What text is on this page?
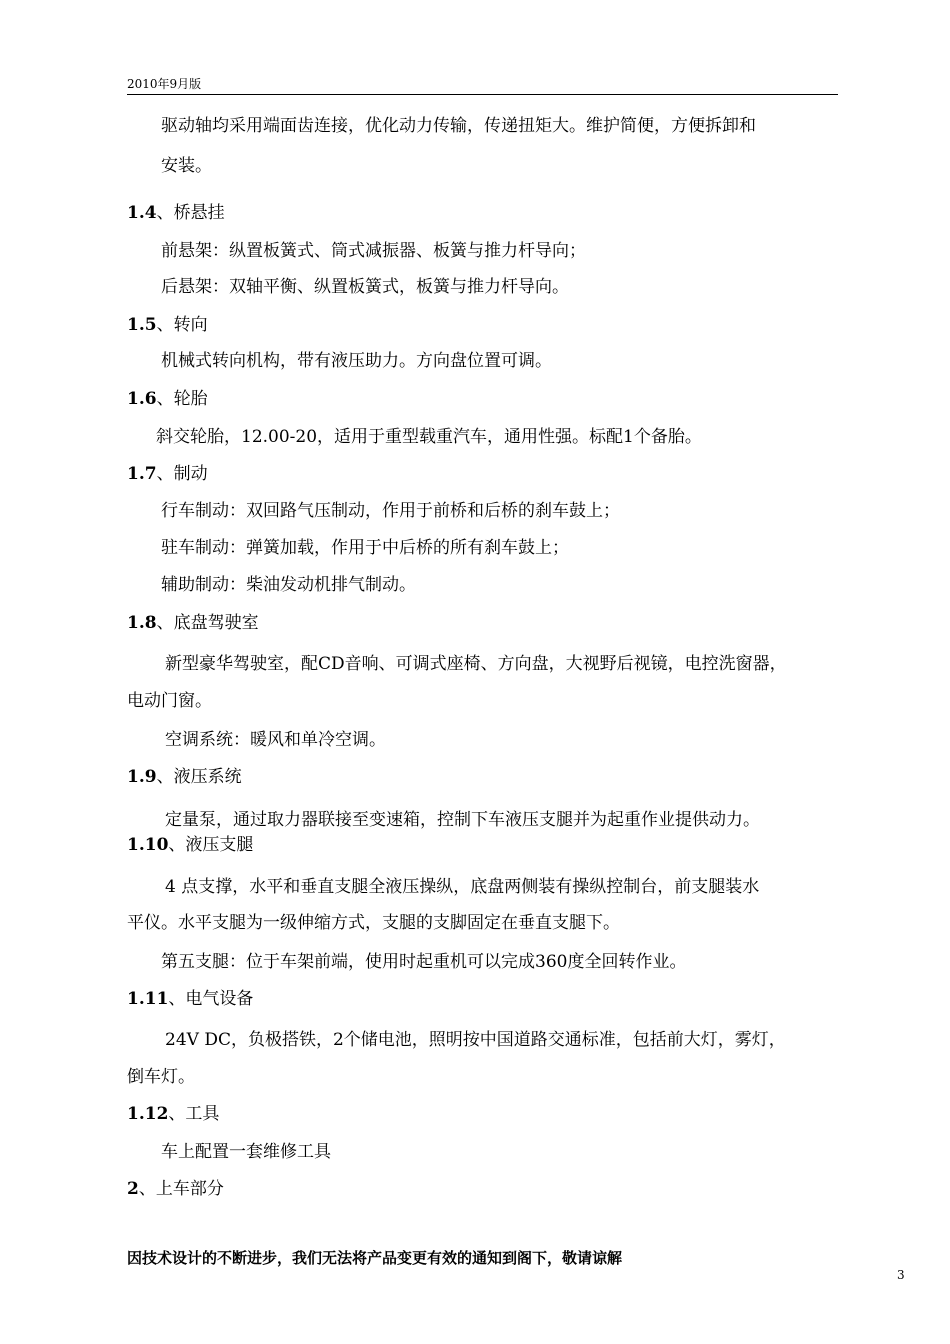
2010年9月版
驱动轴均采用端面齿连接，优化动力传输，传递扭矩大。维护简便，方便拆卸和
安装。
1.4、桥悬挂
前悬架：纵置板簧式、筒式减振器、板簧与推力杆导向；
后悬架：双轴平衡、纵置板簧式，板簧与推力杆导向。
1.5、转向
机械式转向机构，带有液压助力。方向盘位置可调。
1.6、轮胎
斜交轮胎，12.00-20，适用于重型载重汽车，通用性强。标配1个备胎。
1.7、制动
行车制动：双回路气压制动，作用于前桥和后桥的刹车鼓上；
驻车制动：弹簧加载，作用于中后桥的所有刹车鼓上；
辅助制动：柴油发动机排气制动。
1.8、底盘驾驶室
新型豪华驾驶室，配CD音响、可调式座椅、方向盘，大视野后视镜，电控洗窗器，
电动门窗。
空调系统：暖风和单冷空调。
1.9、液压系统
定量泵，通过取力器联接至变速箱，控制下车液压支腿并为起重作业提供动力。
1.10、液压支腿
4 点支撑，水平和垂直支腿全液压操纵，底盘两侧装有操纵控制台，前支腿装水
平仪。水平支腿为一级伸缩方式，支腿的支脚固定在垂直支腿下。
第五支腿：位于车架前端，使用时起重机可以完成360度全回转作业。
1.11、电气设备
24V DC，负极搭铁，2个储电池，照明按中国道路交通标准，包括前大灯，雾灯，
倒车灯。
1.12、工具
车上配置一套维修工具
2、上车部分
因技术设计的不断进步，我们无法将产品变更有效的通知到阁下，敬请谅解
3
